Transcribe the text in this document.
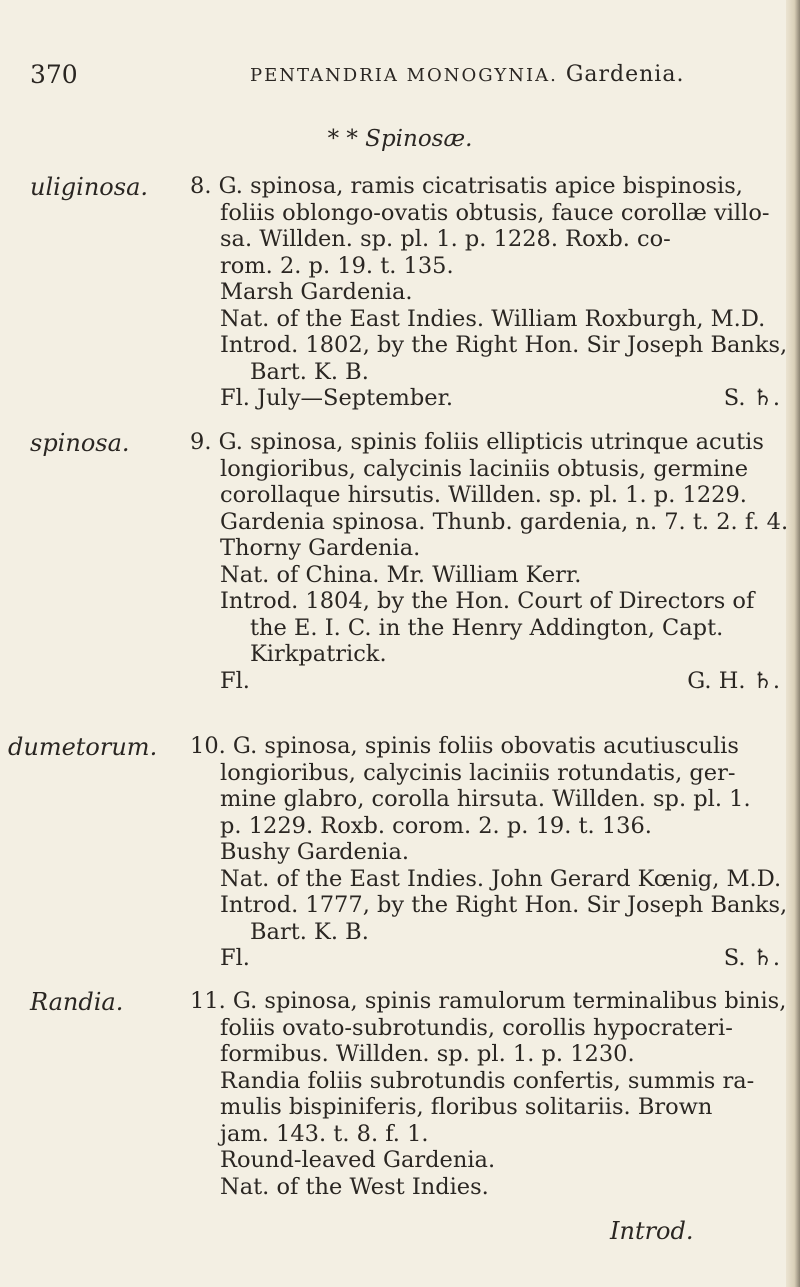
370	PENTANDRIA MONOGYNIA. Gardenia.
* * Spinosæ.
uliginosa. 8. G. spinosa, ramis cicatrisatis apice bispinosis,
foliis oblongo-ovatis obtusis, fauce corollæ villo-
sa. Willden. sp. pl. 1. p. 1228. Roxb. co-
rom. 2. p. 19. t. 135.
Marsh Gardenia.
Nat. of the East Indies. William Roxburgh, M.D.
Introd. 1802, by the Right Hon. Sir Joseph Banks,
Bart. K. B.
Fl. July—September.	S. ♄.
spinosa.	9. G. spinosa, spinis foliis ellipticis utrinque acutis
longioribus, calycinis laciniis obtusis, germine
corollaque hirsutis. Willden. sp. pl. 1. p. 1229.
Gardenia spinosa. Thunb. gardenia, n. 7. t. 2. f. 4.
Thorny Gardenia.
Nat. of China. Mr. William Kerr.
Introd. 1804, by the Hon. Court of Directors of
the E. I. C. in the Henry Addington, Capt.
Kirkpatrick.
Fl.	G. H. ♄.
dumetorum. 10. G. spinosa, spinis foliis obovatis acutiusculis
longioribus, calycinis laciniis rotundatis, ger-
mine glabro, corolla hirsuta. Willden. sp. pl. 1.
p. 1229. Roxb. corom. 2. p. 19. t. 136.
Bushy Gardenia.
Nat. of the East Indies. John Gerard Kœnig, M.D.
Introd. 1777, by the Right Hon. Sir Joseph Banks,
Bart. K. B.
Fl.	S. ♄.
Randia.	11. G. spinosa, spinis ramulorum terminalibus binis,
foliis ovato-subrotundis, corollis hypocrateri-
formibus. Willden. sp. pl. 1. p. 1230.
Randia foliis subrotundis confertis, summis ra-
mulis bispiniferis, floribus solitariis. Brown
jam. 143. t. 8. f. 1.
Round-leaved Gardenia.
Nat. of the West Indies.
Introd.
